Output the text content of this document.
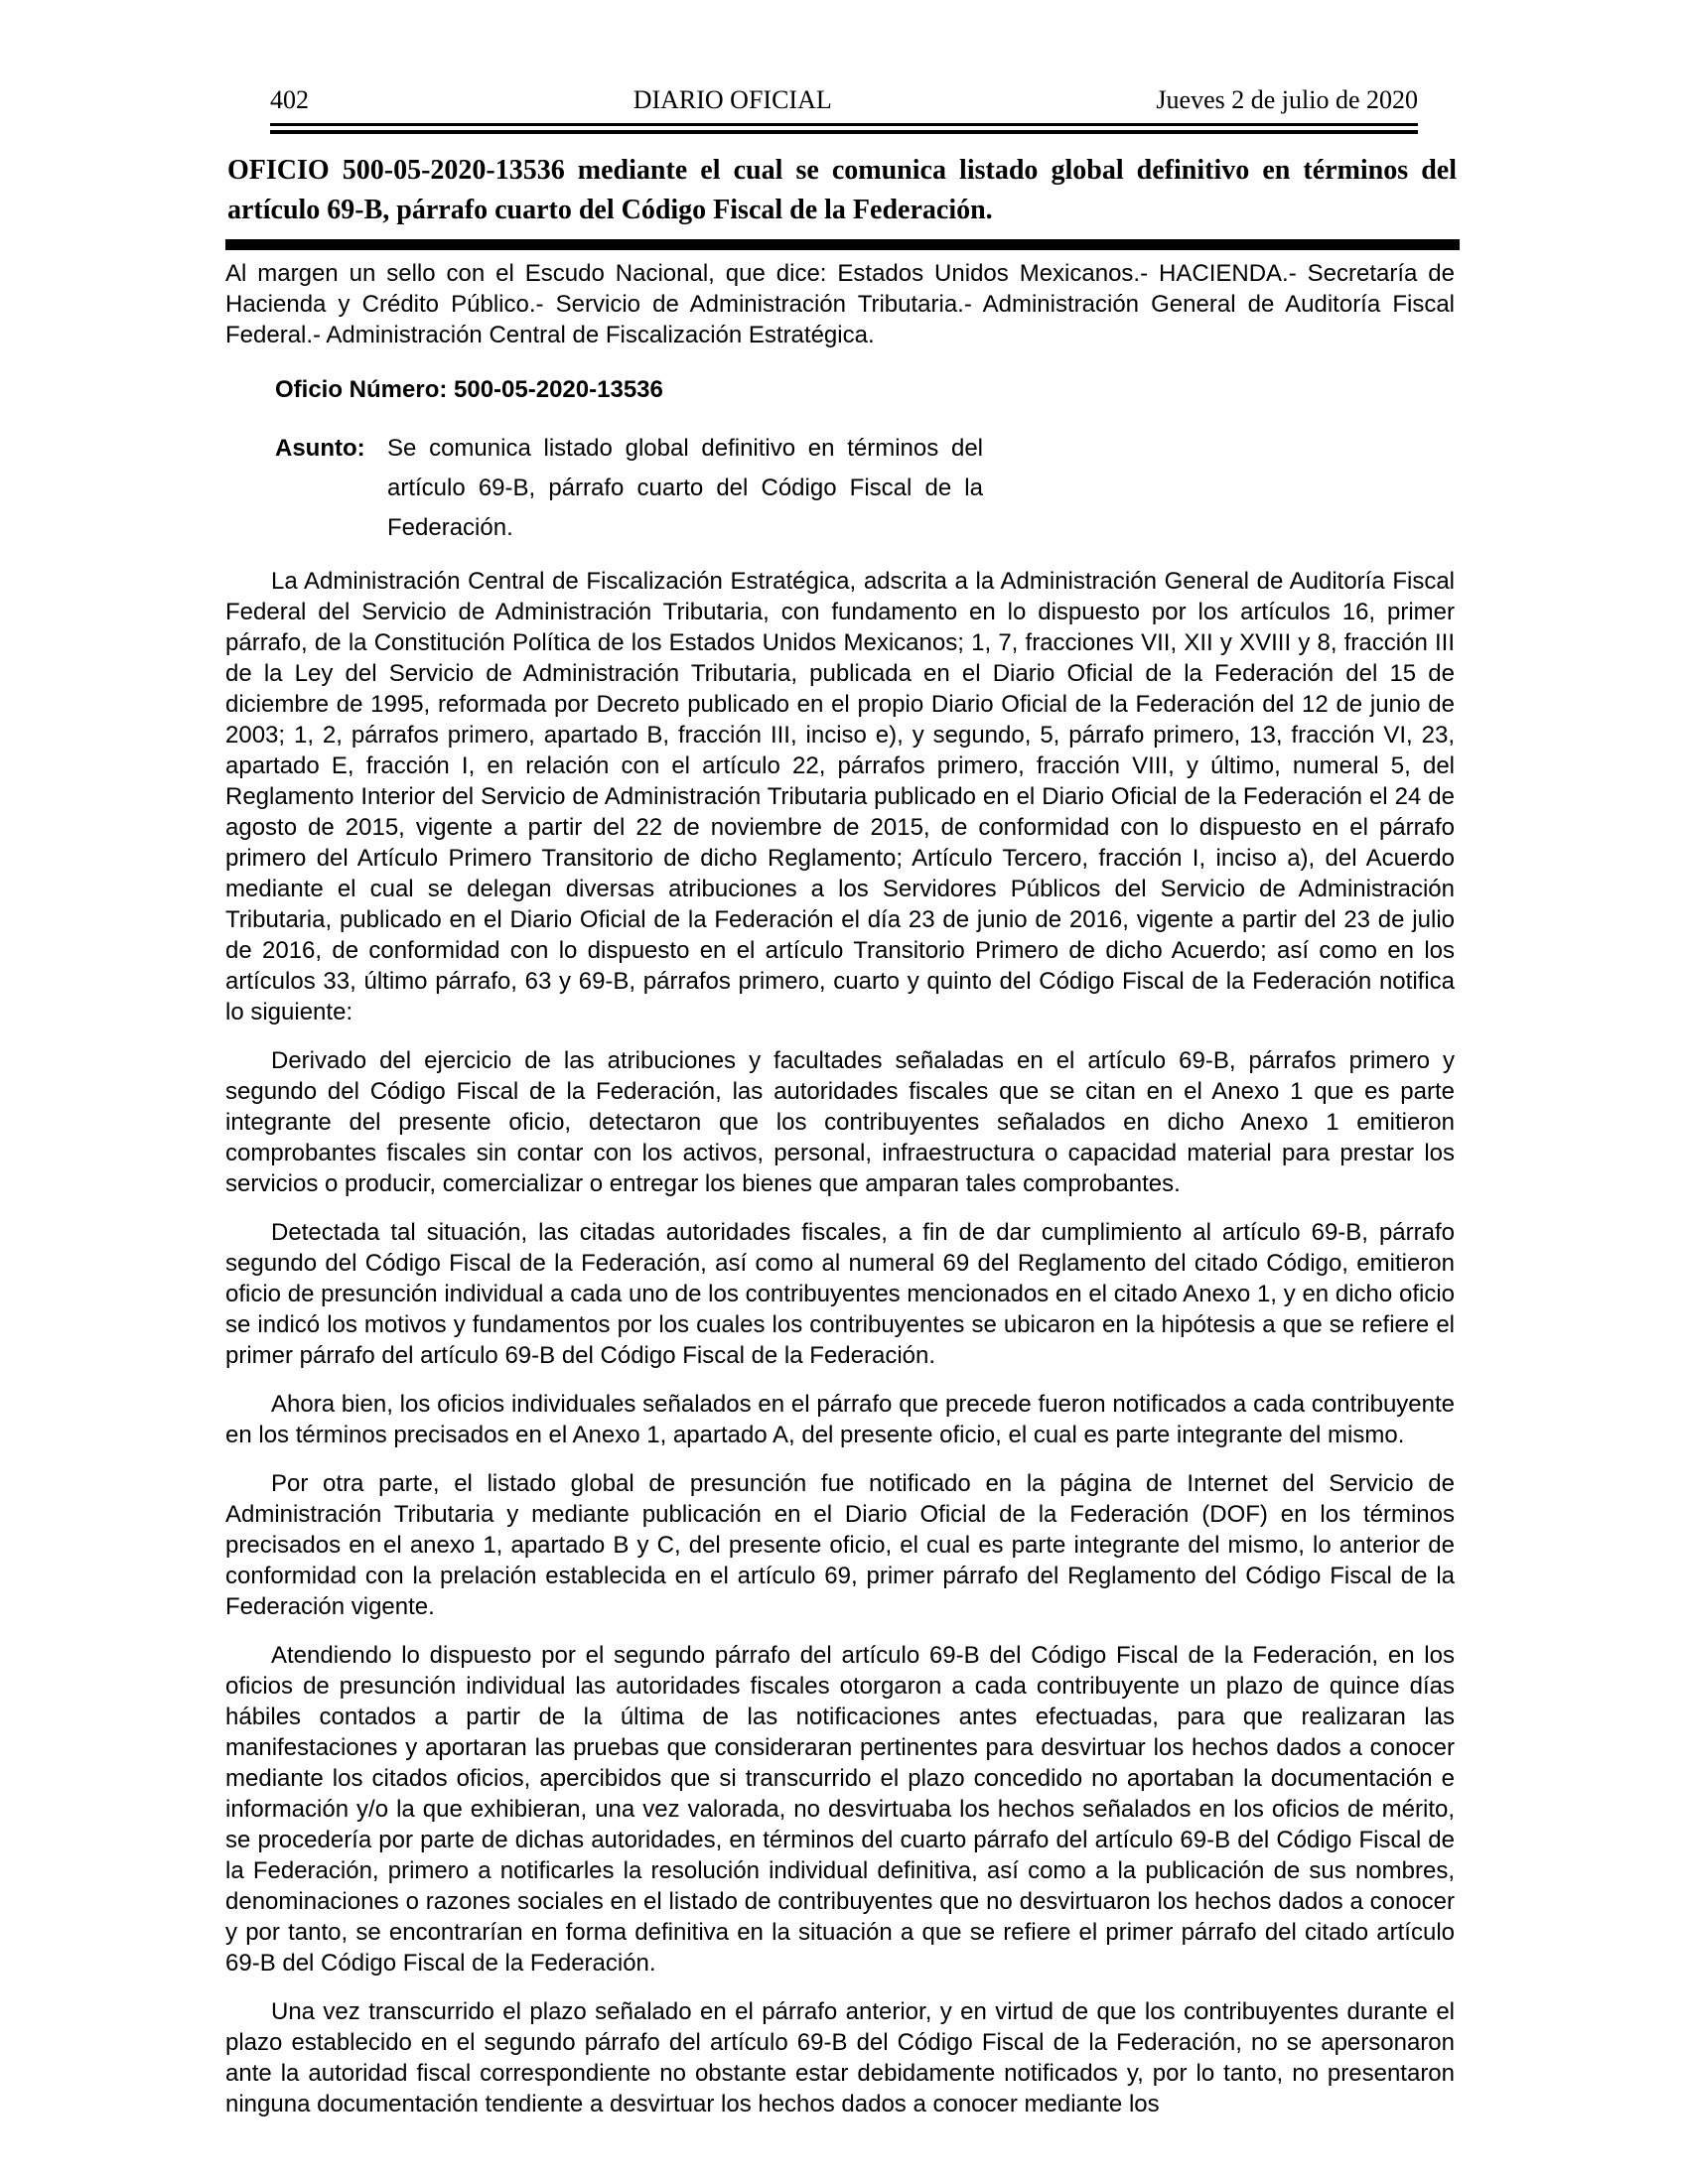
402	DIARIO OFICIAL	Jueves 2 de julio de 2020
OFICIO 500-05-2020-13536 mediante el cual se comunica listado global definitivo en términos del artículo 69-B, párrafo cuarto del Código Fiscal de la Federación.

Al margen un sello con el Escudo Nacional, que dice: Estados Unidos Mexicanos.- HACIENDA.- Secretaría de Hacienda y Crédito Público.- Servicio de Administración Tributaria.- Administración General de Auditoría Fiscal Federal.- Administración Central de Fiscalización Estratégica.

Oficio Número: 500-05-2020-13536

Asunto: Se comunica listado global definitivo en términos del artículo 69-B, párrafo cuarto del Código Fiscal de la Federación.

La Administración Central de Fiscalización Estratégica, adscrita a la Administración General de Auditoría Fiscal Federal del Servicio de Administración Tributaria, con fundamento en lo dispuesto por los artículos 16, primer párrafo, de la Constitución Política de los Estados Unidos Mexicanos; 1, 7, fracciones VII, XII y XVIII y 8, fracción III de la Ley del Servicio de Administración Tributaria, publicada en el Diario Oficial de la Federación del 15 de diciembre de 1995, reformada por Decreto publicado en el propio Diario Oficial de la Federación del 12 de junio de 2003; 1, 2, párrafos primero, apartado B, fracción III, inciso e), y segundo, 5, párrafo primero, 13, fracción VI, 23, apartado E, fracción I, en relación con el artículo 22, párrafos primero, fracción VIII, y último, numeral 5, del Reglamento Interior del Servicio de Administración Tributaria publicado en el Diario Oficial de la Federación el 24 de agosto de 2015, vigente a partir del 22 de noviembre de 2015, de conformidad con lo dispuesto en el párrafo primero del Artículo Primero Transitorio de dicho Reglamento; Artículo Tercero, fracción I, inciso a), del Acuerdo mediante el cual se delegan diversas atribuciones a los Servidores Públicos del Servicio de Administración Tributaria, publicado en el Diario Oficial de la Federación el día 23 de junio de 2016, vigente a partir del 23 de julio de 2016, de conformidad con lo dispuesto en el artículo Transitorio Primero de dicho Acuerdo; así como en los artículos 33, último párrafo, 63 y 69-B, párrafos primero, cuarto y quinto del Código Fiscal de la Federación notifica lo siguiente:

Derivado del ejercicio de las atribuciones y facultades señaladas en el artículo 69-B, párrafos primero y segundo del Código Fiscal de la Federación, las autoridades fiscales que se citan en el Anexo 1 que es parte integrante del presente oficio, detectaron que los contribuyentes señalados en dicho Anexo 1 emitieron comprobantes fiscales sin contar con los activos, personal, infraestructura o capacidad material para prestar los servicios o producir, comercializar o entregar los bienes que amparan tales comprobantes.

Detectada tal situación, las citadas autoridades fiscales, a fin de dar cumplimiento al artículo 69-B, párrafo segundo del Código Fiscal de la Federación, así como al numeral 69 del Reglamento del citado Código, emitieron oficio de presunción individual a cada uno de los contribuyentes mencionados en el citado Anexo 1, y en dicho oficio se indicó los motivos y fundamentos por los cuales los contribuyentes se ubicaron en la hipótesis a que se refiere el primer párrafo del artículo 69-B del Código Fiscal de la Federación.

Ahora bien, los oficios individuales señalados en el párrafo que precede fueron notificados a cada contribuyente en los términos precisados en el Anexo 1, apartado A, del presente oficio, el cual es parte integrante del mismo.

Por otra parte, el listado global de presunción fue notificado en la página de Internet del Servicio de Administración Tributaria y mediante publicación en el Diario Oficial de la Federación (DOF) en los términos precisados en el anexo 1, apartado B y C, del presente oficio, el cual es parte integrante del mismo, lo anterior de conformidad con la prelación establecida en el artículo 69, primer párrafo del Reglamento del Código Fiscal de la Federación vigente.

Atendiendo lo dispuesto por el segundo párrafo del artículo 69-B del Código Fiscal de la Federación, en los oficios de presunción individual las autoridades fiscales otorgaron a cada contribuyente un plazo de quince días hábiles contados a partir de la última de las notificaciones antes efectuadas, para que realizaran las manifestaciones y aportaran las pruebas que consideraran pertinentes para desvirtuar los hechos dados a conocer mediante los citados oficios, apercibidos que si transcurrido el plazo concedido no aportaban la documentación e información y/o la que exhibieran, una vez valorada, no desvirtuaba los hechos señalados en los oficios de mérito, se procedería por parte de dichas autoridades, en términos del cuarto párrafo del artículo 69-B del Código Fiscal de la Federación, primero a notificarles la resolución individual definitiva, así como a la publicación de sus nombres, denominaciones o razones sociales en el listado de contribuyentes que no desvirtuaron los hechos dados a conocer y por tanto, se encontrarían en forma definitiva en la situación a que se refiere el primer párrafo del citado artículo 69-B del Código Fiscal de la Federación.

Una vez transcurrido el plazo señalado en el párrafo anterior, y en virtud de que los contribuyentes durante el plazo establecido en el segundo párrafo del artículo 69-B del Código Fiscal de la Federación, no se apersonaron ante la autoridad fiscal correspondiente no obstante estar debidamente notificados y, por lo tanto, no presentaron ninguna documentación tendiente a desvirtuar los hechos dados a conocer mediante los
